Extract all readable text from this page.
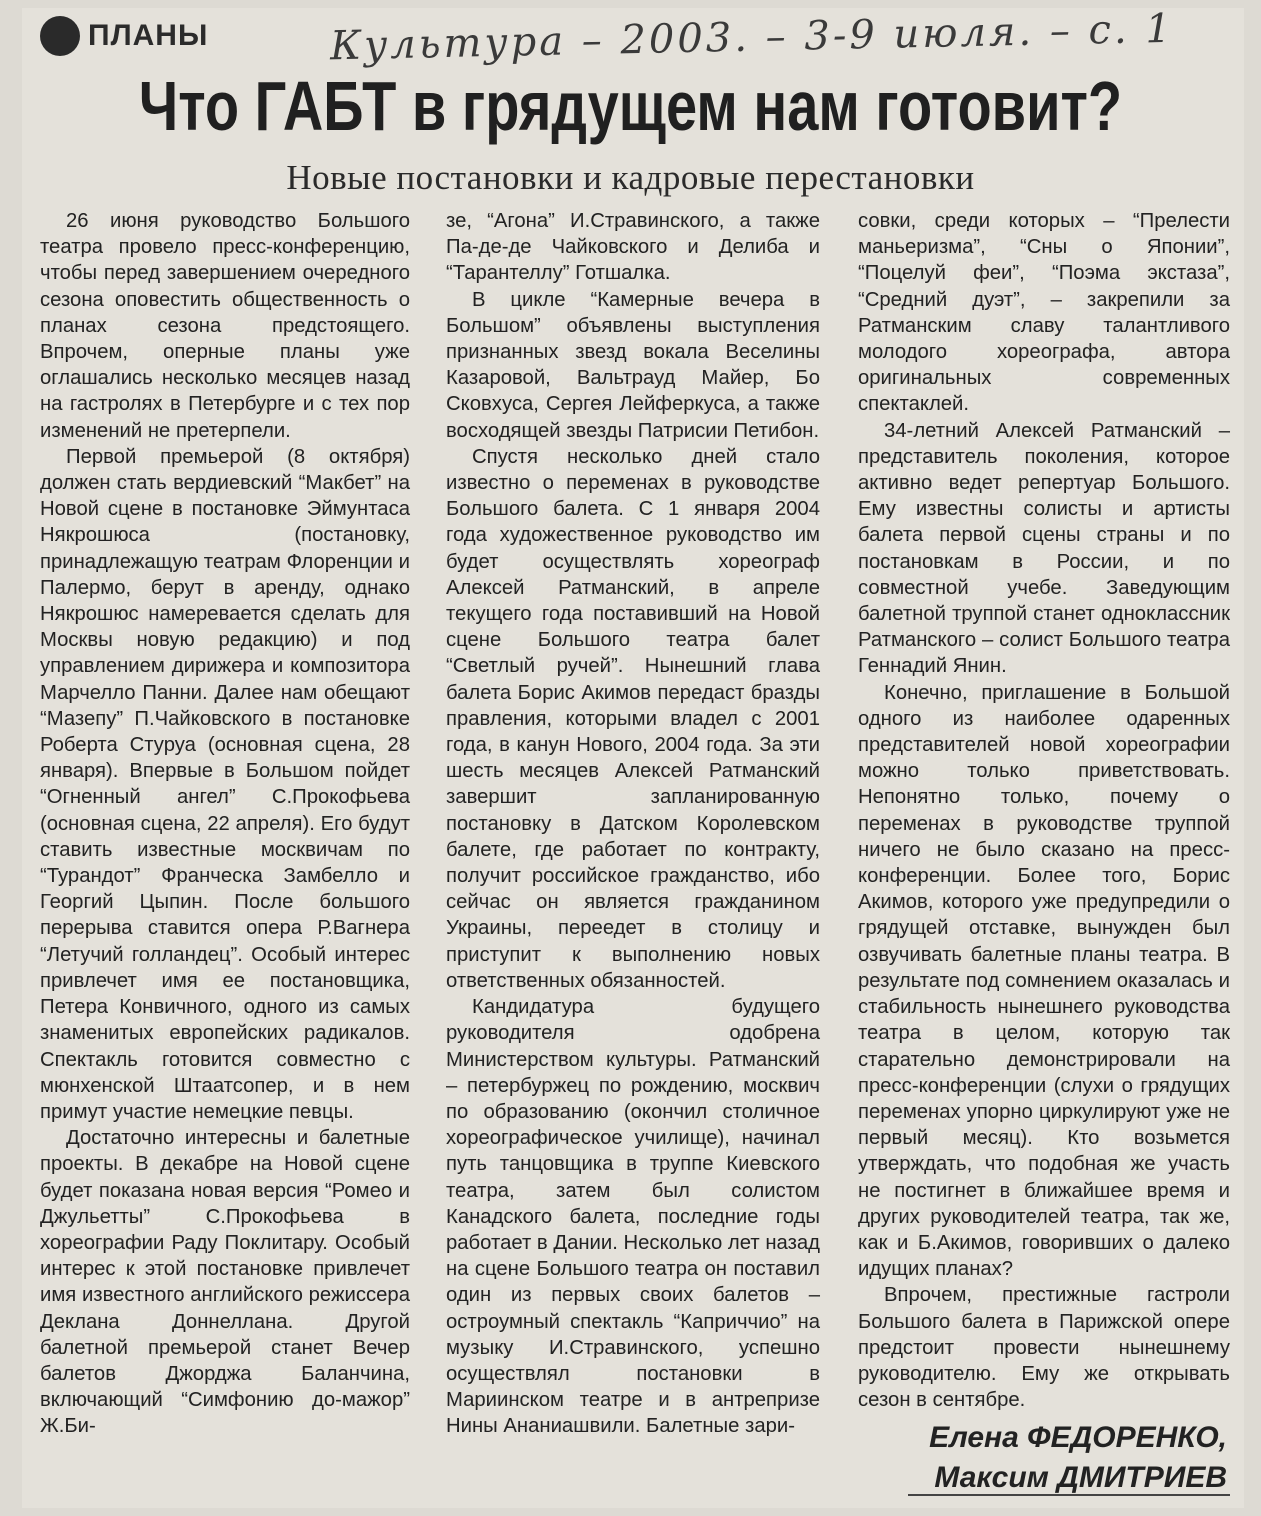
ПЛАНЫ	Культура – 2003. – 3-9 июля. – с. 1
Что ГАБТ в грядущем нам готовит?
Новые постановки и кадровые перестановки

26 июня руководство Большого театра провело пресс-конференцию, чтобы перед завершением очередного сезона оповестить общественность о планах сезона предстоящего. Впрочем, оперные планы уже оглашались несколько месяцев назад на гастролях в Петербурге и с тех пор изменений не претерпели.

Первой премьерой (8 октября) должен стать вердиевский “Макбет” на Новой сцене в постановке Эймунтаса Някрошюса (постановку, принадлежащую театрам Флоренции и Палермо, берут в аренду, однако Някрошюс намеревается сделать для Москвы новую редакцию) и под управлением дирижера и композитора Марчелло Панни. Далее нам обещают “Мазепу” П.Чайковского в постановке Роберта Стуруа (основная сцена, 28 января). Впервые в Большом пойдет “Огненный ангел” С.Прокофьева (основная сцена, 22 апреля). Его будут ставить известные москвичам по “Турандот” Франческа Замбелло и Георгий Цыпин. После большого перерыва ставится опера Р.Вагнера “Летучий голландец”. Особый интерес привлечет имя ее постановщика, Петера Конвичного, одного из самых знаменитых европейских радикалов. Спектакль готовится совместно с мюнхенской Штаатсопер, и в нем примут участие немецкие певцы.

Достаточно интересны и балетные проекты. В декабре на Новой сцене будет показана новая версия “Ромео и Джульетты” С.Прокофьева в хореографии Раду Поклитару. Особый интерес к этой постановке привлечет имя известного английского режиссера Деклана Доннеллана. Другой балетной премьерой станет Вечер балетов Джорджа Баланчина, включающий “Симфонию до-мажор” Ж.Би-

зе, “Агона” И.Стравинского, а также Па-де-де Чайковского и Делиба и “Тарантеллу” Готшалка.

В цикле “Камерные вечера в Большом” объявлены выступления признанных звезд вокала Веселины Казаровой, Вальтрауд Майер, Бо Сковхуса, Сергея Лейферкуса, а также восходящей звезды Патрисии Петибон.

Спустя несколько дней стало известно о переменах в руководстве Большого балета. С 1 января 2004 года художественное руководство им будет осуществлять хореограф Алексей Ратманский, в апреле текущего года поставивший на Новой сцене Большого театра балет “Светлый ручей”. Нынешний глава балета Борис Акимов передаст бразды правления, которыми владел с 2001 года, в канун Нового, 2004 года. За эти шесть месяцев Алексей Ратманский завершит запланированную постановку в Датском Королевском балете, где работает по контракту, получит российское гражданство, ибо сейчас он является гражданином Украины, переедет в столицу и приступит к выполнению новых ответственных обязанностей.

Кандидатура будущего руководителя одобрена Министерством культуры. Ратманский – петербуржец по рождению, москвич по образованию (окончил столичное хореографическое училище), начинал путь танцовщика в труппе Киевского театра, затем был солистом Канадского балета, последние годы работает в Дании. Несколько лет назад на сцене Большого театра он поставил один из первых своих балетов – остроумный спектакль “Каприччио” на музыку И.Стравинского, успешно осуществлял постановки в Мариинском театре и в антрепризе Нины Ананиашвили. Балетные зари-

совки, среди которых – “Прелести маньеризма”, “Сны о Японии”, “Поцелуй феи”, “Поэма экстаза”, “Средний дуэт”, – закрепили за Ратманским славу талантливого молодого хореографа, автора оригинальных современных спектаклей.

34-летний Алексей Ратманский – представитель поколения, которое активно ведет репертуар Большого. Ему известны солисты и артисты балета первой сцены страны и по постановкам в России, и по совместной учебе. Заведующим балетной труппой станет одноклассник Ратманского – солист Большого театра Геннадий Янин.

Конечно, приглашение в Большой одного из наиболее одаренных представителей новой хореографии можно только приветствовать. Непонятно только, почему о переменах в руководстве труппой ничего не было сказано на пресс-конференции. Более того, Борис Акимов, которого уже предупредили о грядущей отставке, вынужден был озвучивать балетные планы театра. В результате под сомнением оказалась и стабильность нынешнего руководства театра в целом, которую так старательно демонстрировали на пресс-конференции (слухи о грядущих переменах упорно циркулируют уже не первый месяц). Кто возьмется утверждать, что подобная же участь не постигнет в ближайшее время и других руководителей театра, так же, как и Б.Акимов, говоривших о далеко идущих планах?

Впрочем, престижные гастроли Большого балета в Парижской опере предстоит провести нынешнему руководителю. Ему же открывать сезон в сентябре.

Елена ФЕДОРЕНКО,
Максим ДМИТРИЕВ
